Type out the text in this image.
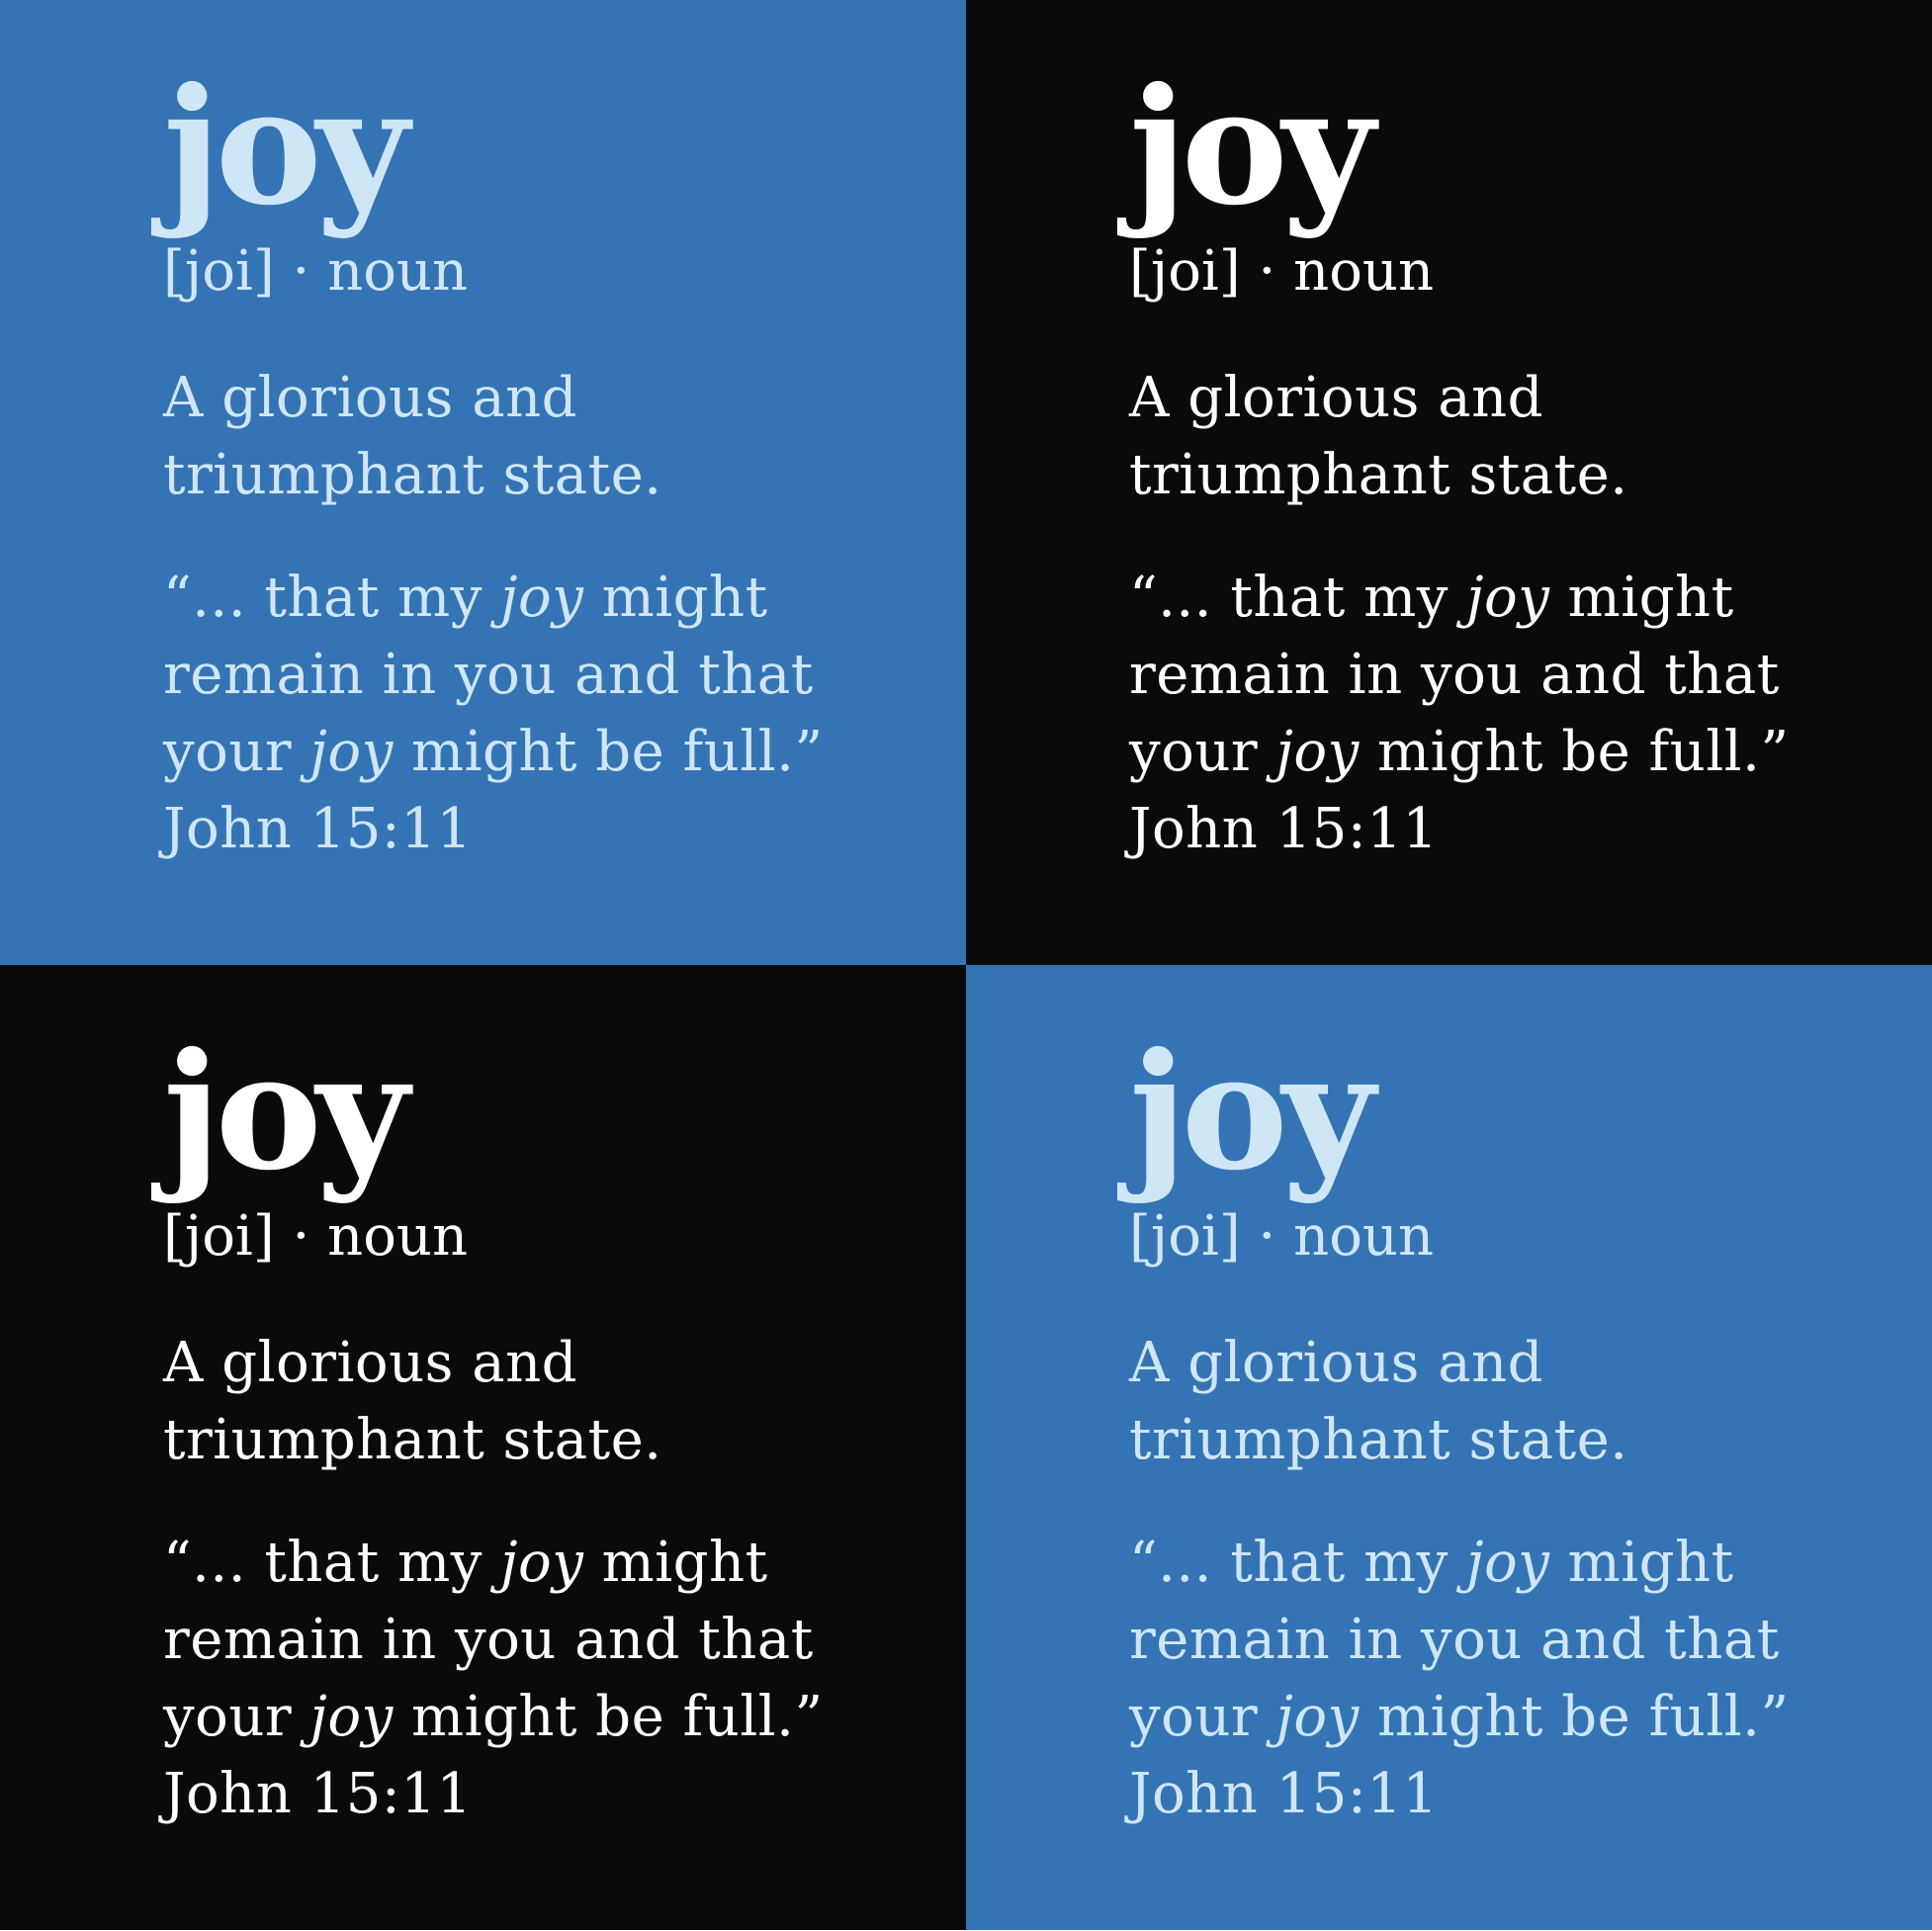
joy
[joi] · noun
A glorious and
triumphant state.
“... that my joy might
remain in you and that
your joy might be full.”
John 15:11
joy
[joi] · noun
A glorious and
triumphant state.
“... that my joy might
remain in you and that
your joy might be full.”
John 15:11
joy
[joi] · noun
A glorious and
triumphant state.
“... that my joy might
remain in you and that
your joy might be full.”
John 15:11
joy
[joi] · noun
A glorious and
triumphant state.
“... that my joy might
remain in you and that
your joy might be full.”
John 15:11
